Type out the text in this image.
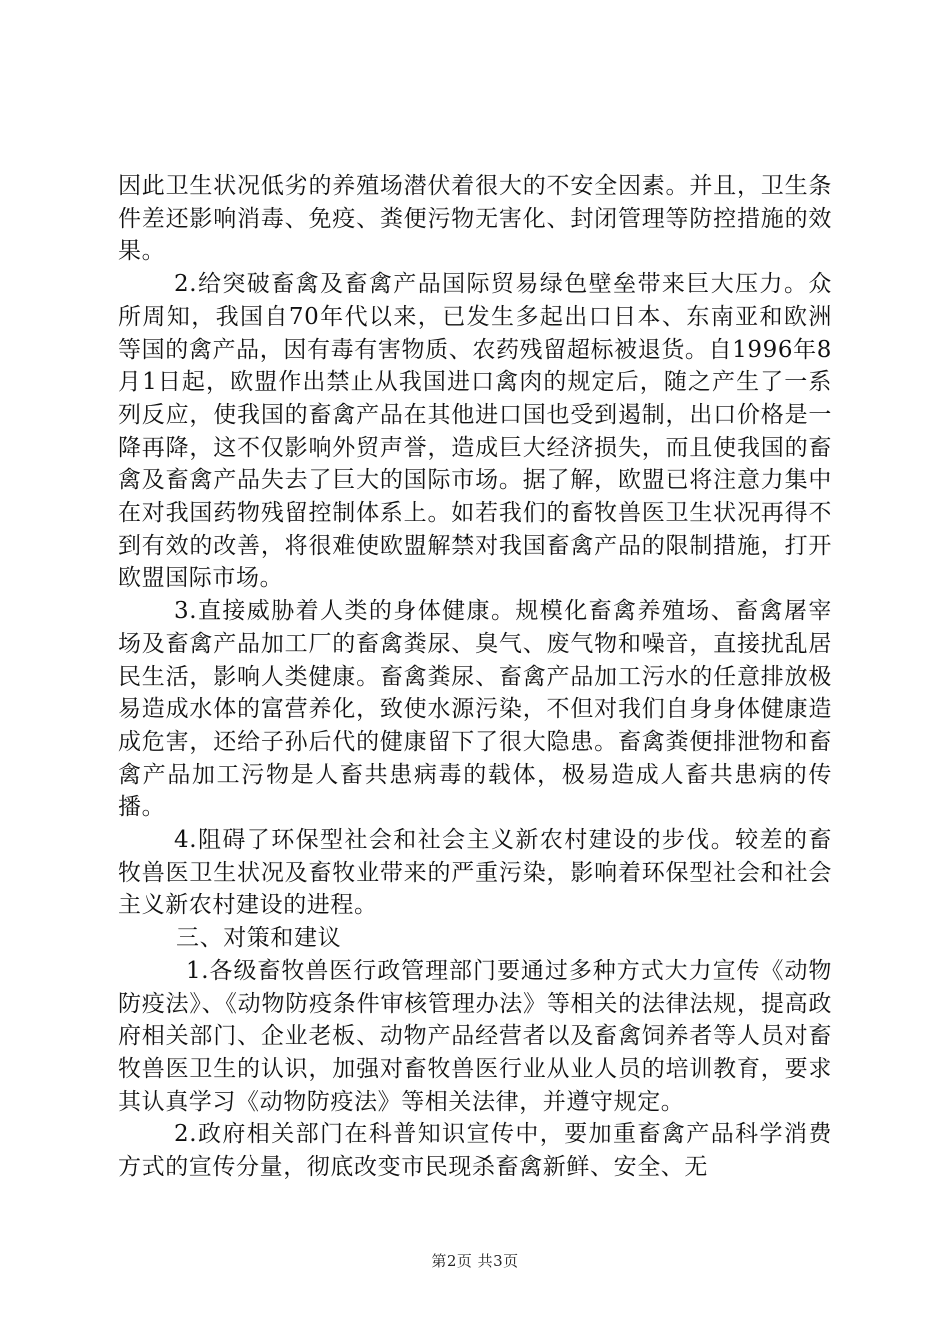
因此卫生状况低劣的养殖场潜伏着很大的不安全因素。并且，卫生条件差还影响消毒、免疫、粪便污物无害化、封闭管理等防控措施的效果。

2.给突破畜禽及畜禽产品国际贸易绿色壁垒带来巨大压力。众所周知，我国自70年代以来，已发生多起出口日本、东南亚和欧洲等国的禽产品，因有毒有害物质、农药残留超标被退货。自1996年8月1日起，欧盟作出禁止从我国进口禽肉的规定后，随之产生了一系列反应，使我国的畜禽产品在其他进口国也受到遏制，出口价格是一降再降，这不仅影响外贸声誉，造成巨大经济损失，而且使我国的畜禽及畜禽产品失去了巨大的国际市场。据了解，欧盟已将注意力集中在对我国药物残留控制体系上。如若我们的畜牧兽医卫生状况再得不到有效的改善，将很难使欧盟解禁对我国畜禽产品的限制措施，打开欧盟国际市场。

3.直接威胁着人类的身体健康。规模化畜禽养殖场、畜禽屠宰场及畜禽产品加工厂的畜禽粪尿、臭气、废气物和噪音，直接扰乱居民生活，影响人类健康。畜禽粪尿、畜禽产品加工污水的任意排放极易造成水体的富营养化，致使水源污染，不但对我们自身身体健康造成危害，还给子孙后代的健康留下了很大隐患。畜禽粪便排泄物和畜禽产品加工污物是人畜共患病毒的载体，极易造成人畜共患病的传播。

4.阻碍了环保型社会和社会主义新农村建设的步伐。较差的畜牧兽医卫生状况及畜牧业带来的严重污染，影响着环保型社会和社会主义新农村建设的进程。

三、对策和建议

1.各级畜牧兽医行政管理部门要通过多种方式大力宣传《动物防疫法》、《动物防疫条件审核管理办法》等相关的法律法规，提高政府相关部门、企业老板、动物产品经营者以及畜禽饲养者等人员对畜牧兽医卫生的认识，加强对畜牧兽医行业从业人员的培训教育，要求其认真学习《动物防疫法》等相关法律，并遵守规定。

2.政府相关部门在科普知识宣传中，要加重畜禽产品科学消费方式的宣传分量，彻底改变市民现杀畜禽新鲜、安全、无

第2页 共3页
